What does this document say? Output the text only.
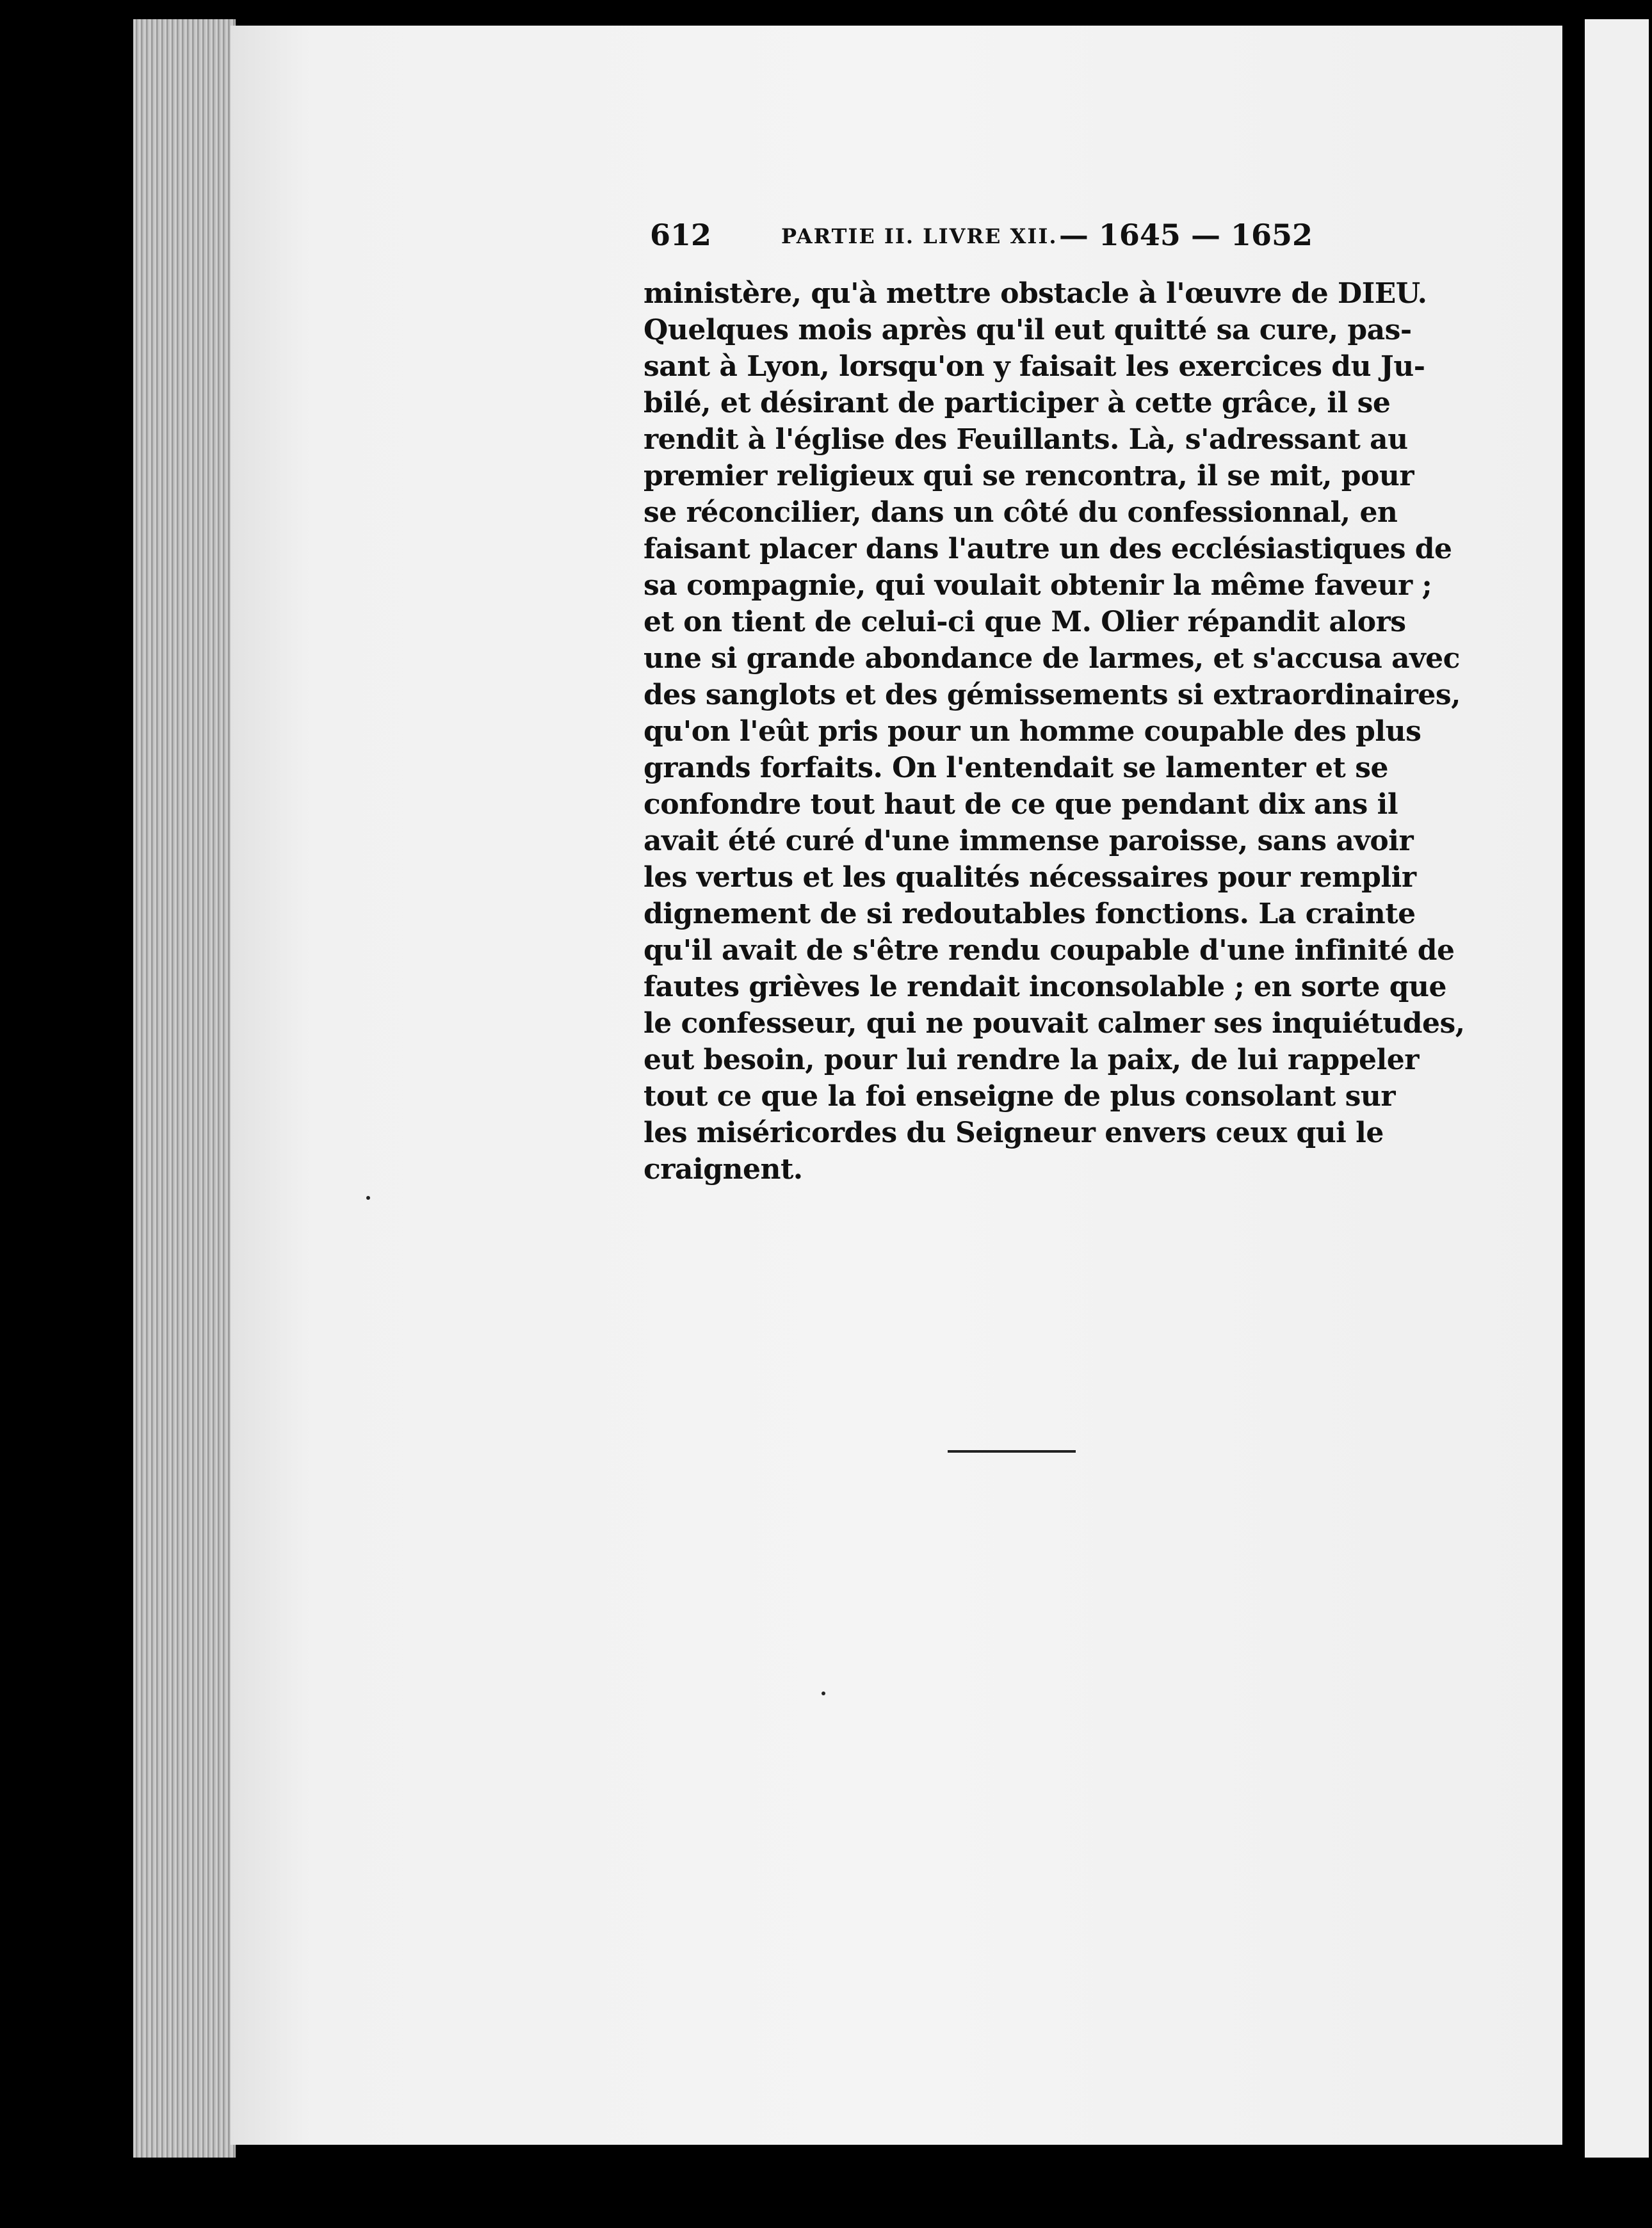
612	PARTIE II. LIVRE XII. — 1645 — 1652
ministère, qu'à mettre obstacle à l'œuvre de DIEU.
Quelques mois après qu'il eut quitté sa cure, pas-
sant à Lyon, lorsqu'on y faisait les exercices du Ju-
bilé, et désirant de participer à cette grâce, il se
rendit à l'église des Feuillants. Là, s'adressant au
premier religieux qui se rencontra, il se mit, pour
se réconcilier, dans un côté du confessionnal, en
faisant placer dans l'autre un des ecclésiastiques de
sa compagnie, qui voulait obtenir la même faveur ;
et on tient de celui-ci que M. Olier répandit alors
une si grande abondance de larmes, et s'accusa avec
des sanglots et des gémissements si extraordinaires,
qu'on l'eût pris pour un homme coupable des plus
grands forfaits. On l'entendait se lamenter et se
confondre tout haut de ce que pendant dix ans il
avait été curé d'une immense paroisse, sans avoir
les vertus et les qualités nécessaires pour remplir
dignement de si redoutables fonctions. La crainte
qu'il avait de s'être rendu coupable d'une infinité de
fautes grièves le rendait inconsolable ; en sorte que
le confesseur, qui ne pouvait calmer ses inquiétudes,
eut besoin, pour lui rendre la paix, de lui rappeler
tout ce que la foi enseigne de plus consolant sur
les miséricordes du Seigneur envers ceux qui le
craignent.
